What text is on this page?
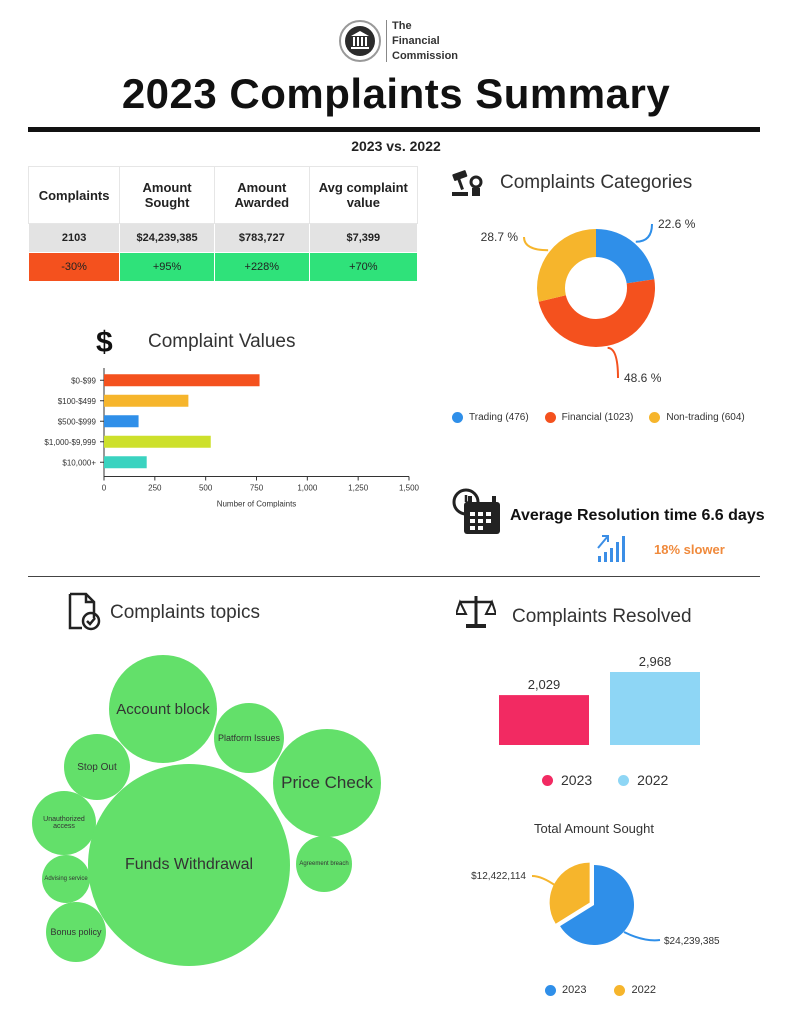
The
Financial
Commission
2023 Complaints Summary
2023 vs. 2022
Complaints	Amount Sought	Amount Awarded	Avg complaint value
2103	$24,239,385	$783,727	$7,399
-30%	+95%	+228%	+70%
Complaints Categories
22.6 %
48.6 %
28.7 %
Trading (476)	Financial (1023)	Non-trading (604)
$ Complaint Values
$0-$99
$100-$499
$500-$999
$1,000-$9,999
$10,000+
0	250	500	750	1,000	1,250	1,500
Number of Complaints
Average Resolution time 6.6 days
18% slower
Complaints topics
Account block
Platform Issues
Stop Out
Price Check
Unauthorized access
Funds Withdrawal	Agreement breach
Advising service
Bonus policy
Complaints Resolved
2,029
2,968
2023	2022
Total Amount Sought
$24,239,385
$12,422,114
2023	2022
